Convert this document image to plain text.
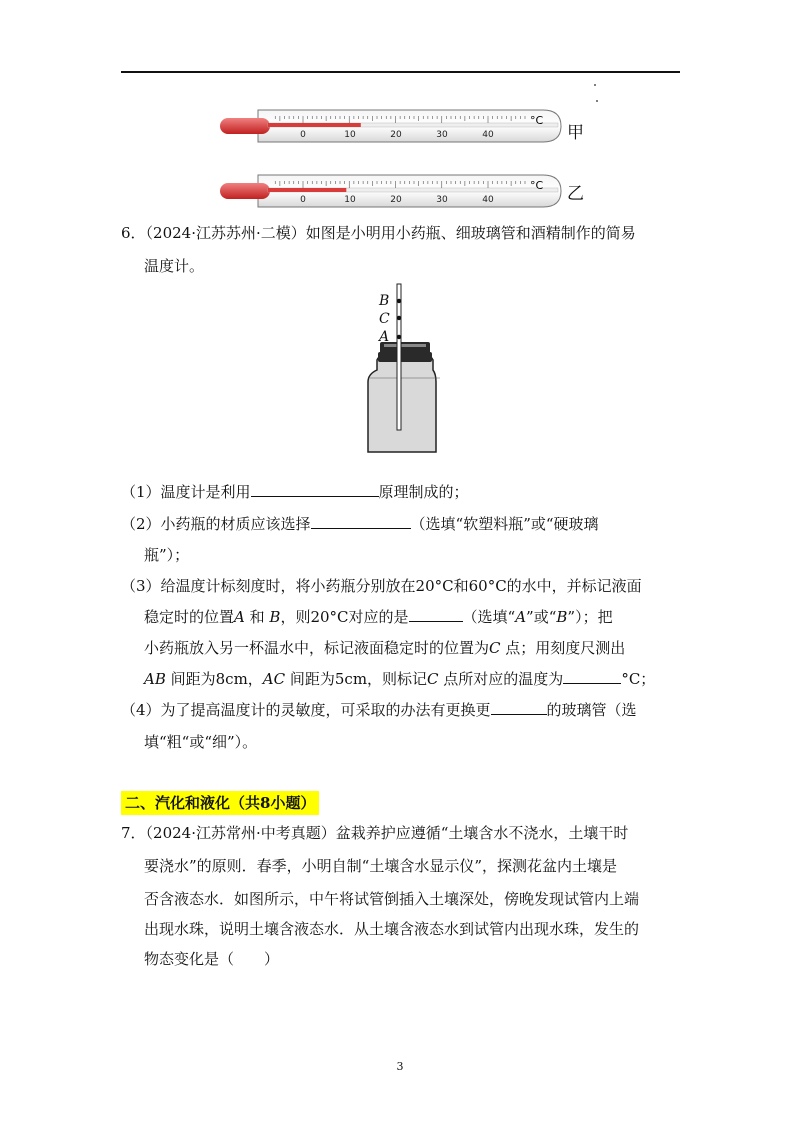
0	10	20	30	40
°C
甲
0	10	20	30	40
°C 乙
6．（2024·江苏苏州·二模）如图是小明用小药瓶、细玻璃管和酒精制作的简易
温度计。
B
C
A
（1）温度计是利用	原理制成的；
（2）小药瓶的材质应该选择	（选填“软塑料瓶”或“硬玻璃
瓶”）；
（3）给温度计标刻度时，将小药瓶分别放在20°C和60°C的水中，并标记液面
稳定时的位置A 和 B，则20°C对应的是	（选填“A”或“B”）；把
小药瓶放入另一杯温水中，标记液面稳定时的位置为C 点；用刻度尺测出
AB 间距为8cm，AC 间距为5cm，则标记C 点所对应的温度为	°C；
（4）为了提高温度计的灵敏度，可采取的办法有更换更	的玻璃管（选
填“粗“或“细”）。
二、汽化和液化（共8小题）
7．（2024·江苏常州·中考真题）盆栽养护应遵循“土壤含水不浇水，土壤干时
要浇水”的原则．春季，小明自制“土壤含水显示仪”，探测花盆内土壤是
否含液态水．如图所示，中午将试管倒插入土壤深处，傍晚发现试管内上端
出现水珠，说明土壤含液态水．从土壤含液态水到试管内出现水珠，发生的
物态变化是（　　）
3
